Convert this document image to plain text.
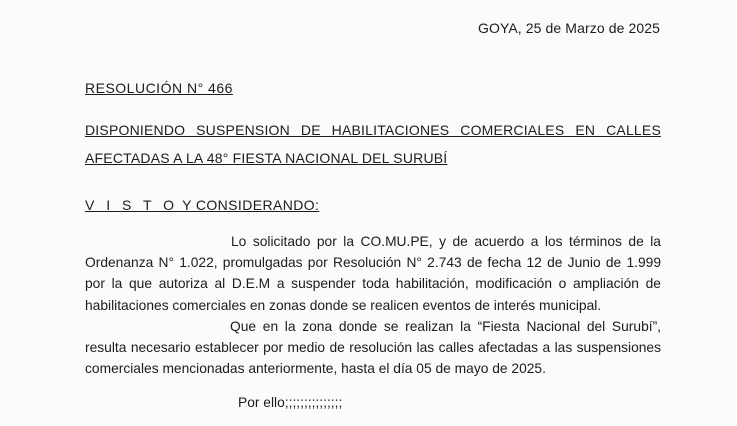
GOYA, 25 de Marzo de 2025
RESOLUCIÓN N° 466
DISPONIENDO SUSPENSION DE HABILITACIONES COMERCIALES EN CALLES
AFECTADAS A LA 48° FIESTA NACIONAL DEL SURUBÍ
V I S T O Y CONSIDERANDO:

Lo solicitado por la CO.MU.PE, y de acuerdo a los términos de la Ordenanza N° 1.022, promulgadas por Resolución N° 2.743 de fecha 12 de Junio de 1.999 por la que autoriza al D.E.M a suspender toda habilitación, modificación o ampliación de habilitaciones comerciales en zonas donde se realicen eventos de interés municipal.

Que en la zona donde se realizan la “Fiesta Nacional del Surubí”, resulta necesario establecer por medio de resolución las calles afectadas a las suspensiones comerciales mencionadas anteriormente, hasta el día 05 de mayo de 2025.

Por ello;;;;;;;;;;;;;;;
